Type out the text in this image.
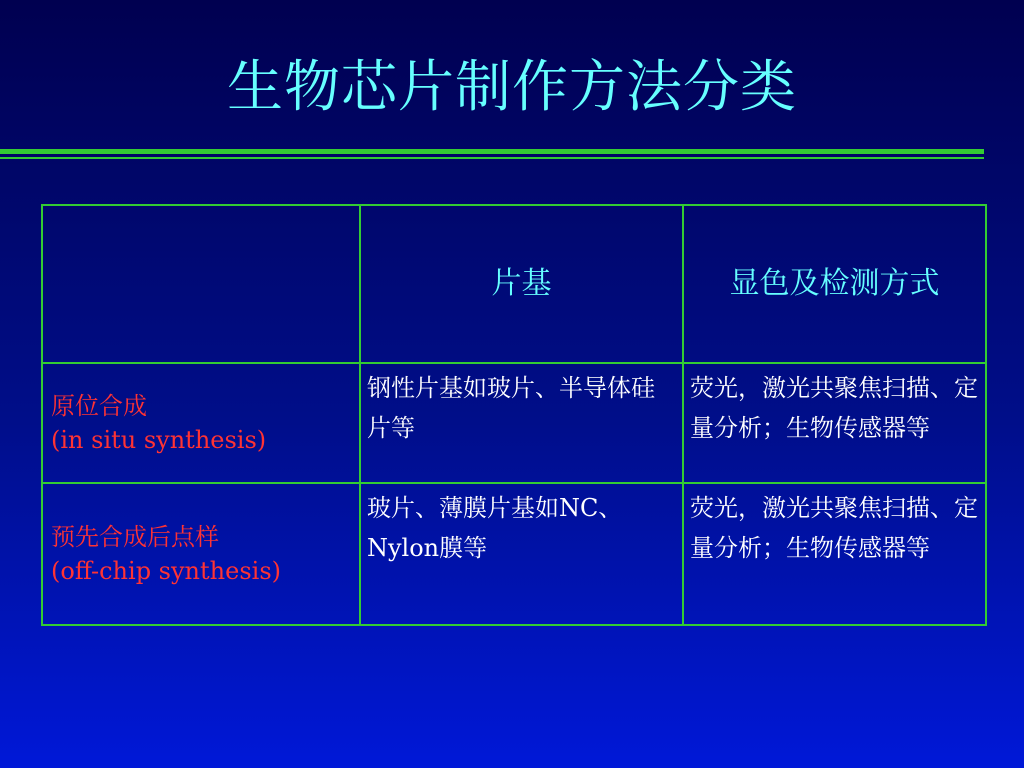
生物芯片制作方法分类
	片基	显色及检测方式

原位合成
(in situ synthesis)	钢性片基如玻片、半导体硅片等	荧光，激光共聚焦扫描、定量分析；生物传感器等

预先合成后点样
(off-chip synthesis)	玻片、薄膜片基如NC、Nylon膜等	荧光，激光共聚焦扫描、定量分析；生物传感器等
